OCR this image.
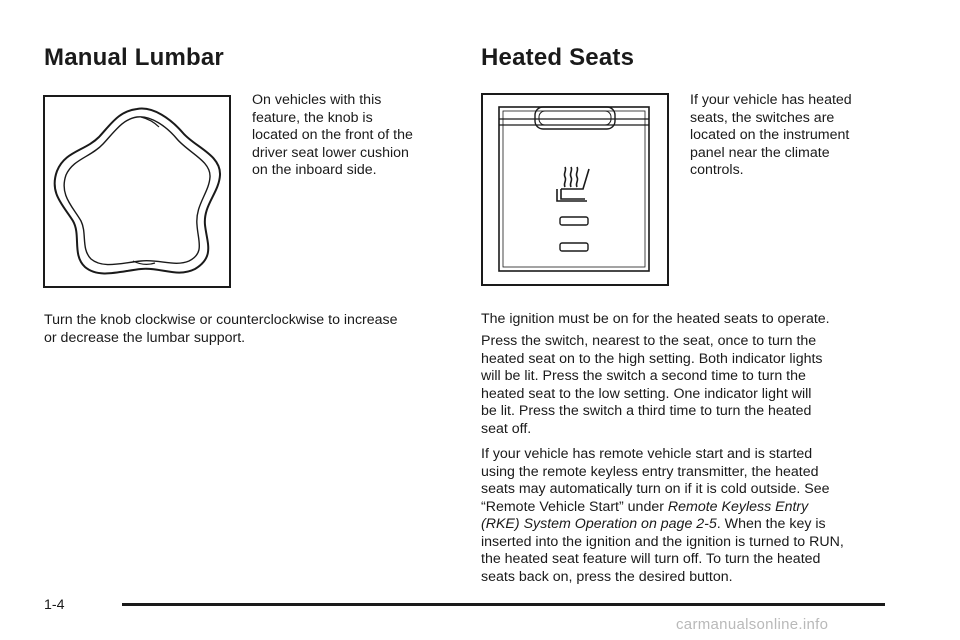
Manual Lumbar
On vehicles with this
feature, the knob is
located on the front of the
driver seat lower cushion
on the inboard side.
Turn the knob clockwise or counterclockwise to increase
or decrease the lumbar support.
Heated Seats
If your vehicle has heated
seats, the switches are
located on the instrument
panel near the climate
controls.
The ignition must be on for the heated seats to operate.
Press the switch, nearest to the seat, once to turn the
heated seat on to the high setting. Both indicator lights
will be lit. Press the switch a second time to turn the
heated seat to the low setting. One indicator light will
be lit. Press the switch a third time to turn the heated
seat off.
If your vehicle has remote vehicle start and is started
using the remote keyless entry transmitter, the heated
seats may automatically turn on if it is cold outside. See
“Remote Vehicle Start” under Remote Keyless Entry
(RKE) System Operation on page 2-5. When the key is
inserted into the ignition and the ignition is turned to RUN,
the heated seat feature will turn off. To turn the heated
seats back on, press the desired button.
1-4
carmanualsonline.info
